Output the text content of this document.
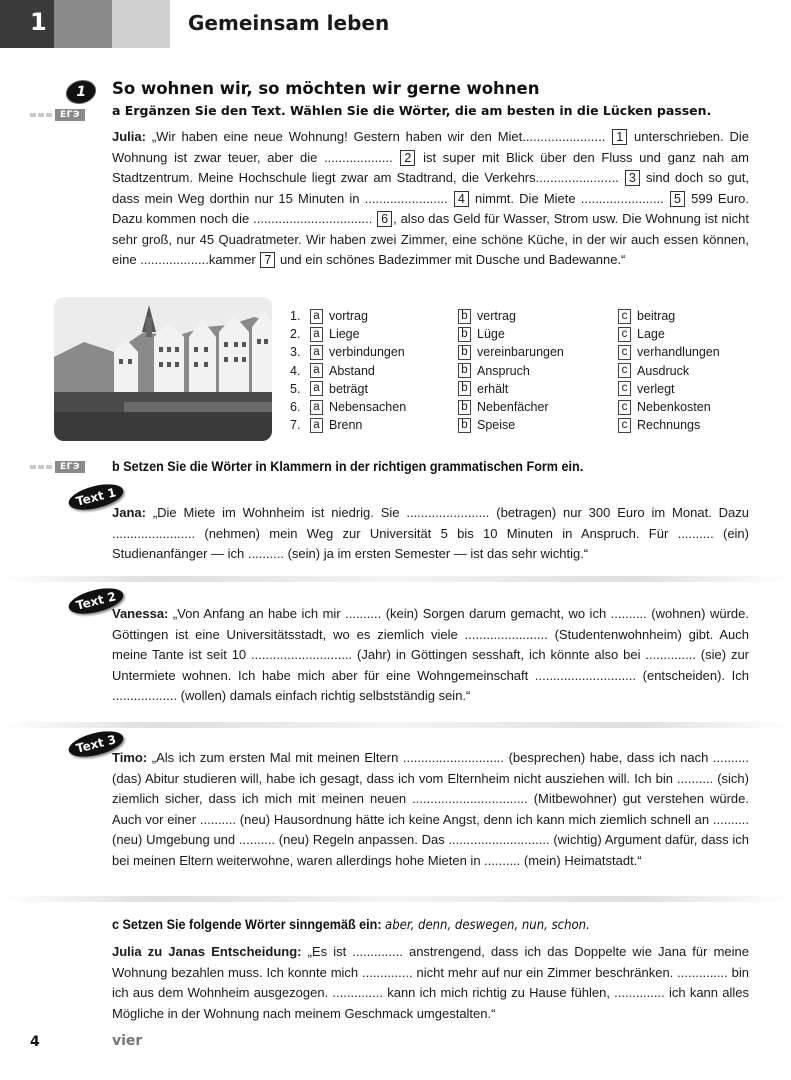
1	Gemeinsam leben
1
ЕГЭ
So wohnen wir, so möchten wir gerne wohnen
a Ergänzen Sie den Text. Wählen Sie die Wörter, die am besten in die Lücken passen.

Julia: „Wir haben eine neue Wohnung! Gestern haben wir den Miet....................... 1 unterschrieben. Die Wohnung ist zwar teuer, aber die ................... 2 ist super mit Blick über den Fluss und ganz nah am Stadtzentrum. Meine Hochschule liegt zwar am Stadtrand, die Verkehrs....................... 3 sind doch so gut, dass mein Weg dorthin nur 15 Minuten in ....................... 4 nimmt. Die Miete ....................... 5 599 Euro. Dazu kommen noch die ................................. 6 , also das Geld für Wasser, Strom usw. Die Wohnung ist nicht sehr groß, nur 45 Quadratmeter. Wir haben zwei Zimmer, eine schöne Küche, in der wir auch essen können, eine ...................kammer 7 und ein schönes Badezimmer mit Dusche und Badewanne.“

1.	a vortrag	b vertrag	c beitrag
2.	a Liege	b Lüge	c Lage
3.	a verbindungen	b vereinbarungen	c verhandlungen
4.	a Abstand	b Anspruch	c Ausdruck
5.	a beträgt	b erhält	c verlegt
6.	a Nebensachen	b Nebenfächer	c Nebenkosten
7.	a Brenn	b Speise	c Rechnungs
ЕГЭ	b Setzen Sie die Wörter in Klammern in der richtigen grammatischen Form ein.
Text 1

Jana: „Die Miete im Wohnheim ist niedrig. Sie ....................... (betragen) nur 300 Euro im Monat. Dazu ....................... (nehmen) mein Weg zur Universität 5 bis 10 Minuten in Anspruch. Für .......... (ein) Studienanfänger — ich .......... (sein) ja im ersten Semester — ist das sehr wichtig.“

Text 2

Vanessa: „Von Anfang an habe ich mir .......... (kein) Sorgen darum gemacht, wo ich .......... (wohnen) würde. Göttingen ist eine Universitätsstadt, wo es ziemlich viele ....................... (Studentenwohnheim) gibt. Auch meine Tante ist seit 10 ............................ (Jahr) in Göttingen sesshaft, ich könnte also bei .............. (sie) zur Untermiete wohnen. Ich habe mich aber für eine Wohngemeinschaft ............................ (entscheiden). Ich .................. (wollen) damals einfach richtig selbstständig sein.“

Text 3

Timo: „Als ich zum ersten Mal mit meinen Eltern ............................ (besprechen) habe, dass ich nach .......... (das) Abitur studieren will, habe ich gesagt, dass ich vom Elternheim nicht ausziehen will. Ich bin .......... (sich) ziemlich sicher, dass ich mich mit meinen neuen ................................ (Mitbewohner) gut verstehen würde. Auch vor einer .......... (neu) Hausordnung hätte ich keine Angst, denn ich kann mich ziemlich schnell an .......... (neu) Umgebung und .......... (neu) Regeln anpassen. Das ............................ (wichtig) Argument dafür, dass ich bei meinen Eltern weiterwohne, waren allerdings hohe Mieten in .......... (mein) Heimatstadt.“

c Setzen Sie folgende Wörter sinngemäß ein: aber, denn, deswegen, nun, schon.

Julia zu Janas Entscheidung: „Es ist .............. anstrengend, dass ich das Doppelte wie Jana für meine Wohnung bezahlen muss. Ich konnte mich .............. nicht mehr auf nur ein Zimmer beschränken. .............. bin ich aus dem Wohnheim ausgezogen. .............. kann ich mich richtig zu Hause fühlen, .............. ich kann alles Mögliche in der Wohnung nach meinem Geschmack umgestalten.“

4	vier
